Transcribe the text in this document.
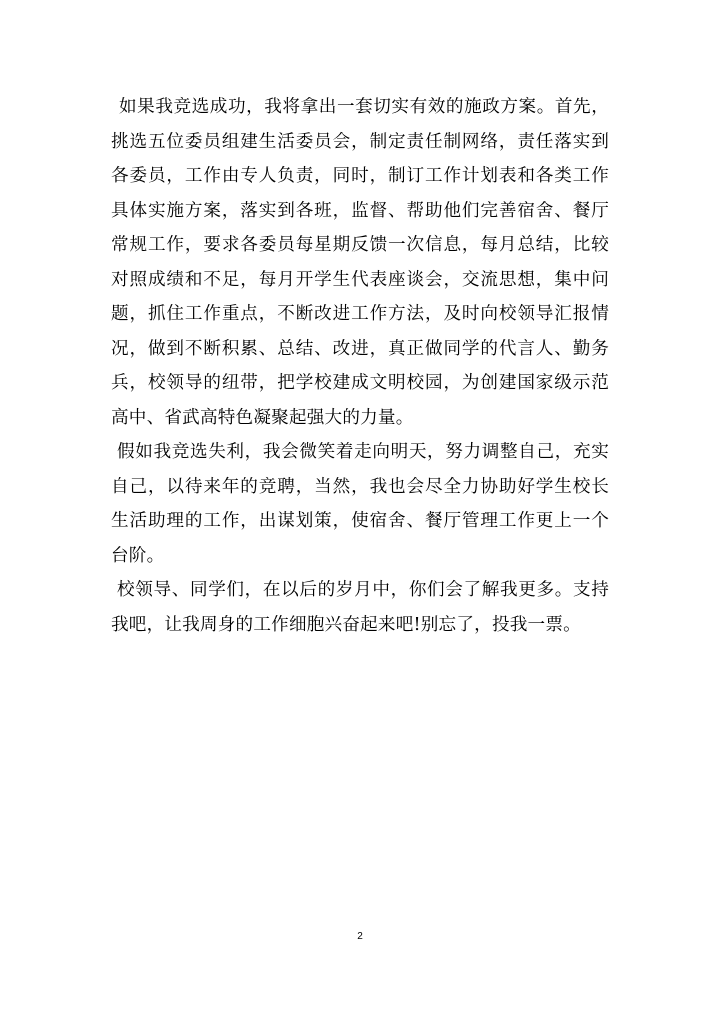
如果我竞选成功，我将拿出一套切实有效的施政方案。首先，挑选五位委员组建生活委员会，制定责任制网络，责任落实到各委员，工作由专人负责，同时，制订工作计划表和各类工作具体实施方案，落实到各班，监督、帮助他们完善宿舍、餐厅常规工作，要求各委员每星期反馈一次信息，每月总结，比较对照成绩和不足，每月开学生代表座谈会，交流思想，集中问题，抓住工作重点，不断改进工作方法，及时向校领导汇报情况，做到不断积累、总结、改进，真正做同学的代言人、勤务兵，校领导的纽带，把学校建成文明校园，为创建国家级示范高中、省武高特色凝聚起强大的力量。

假如我竞选失利，我会微笑着走向明天，努力调整自己，充实自己，以待来年的竞聘，当然，我也会尽全力协助好学生校长生活助理的工作，出谋划策，使宿舍、餐厅管理工作更上一个台阶。

校领导、同学们，在以后的岁月中，你们会了解我更多。支持我吧，让我周身的工作细胞兴奋起来吧!别忘了，投我一票。

2
